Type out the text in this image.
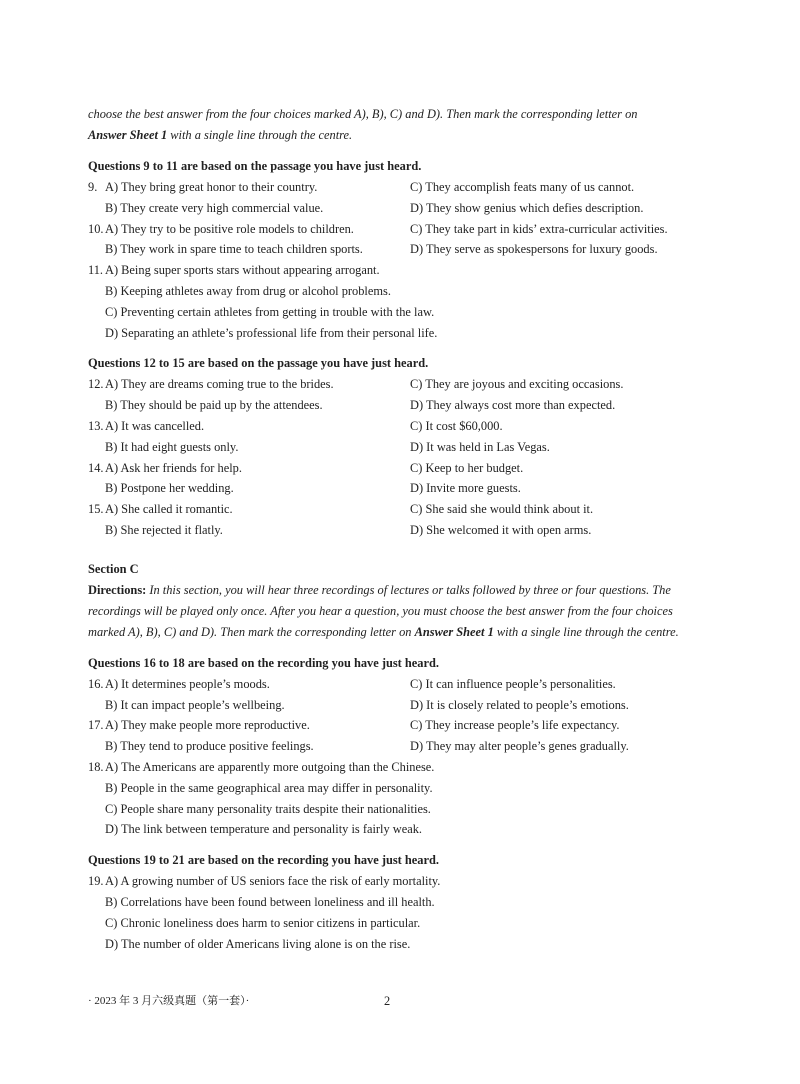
choose the best answer from the four choices marked A), B), C) and D). Then mark the corresponding letter on
Answer Sheet 1 with a single line through the centre.

Questions 9 to 11 are based on the passage you have just heard.
9. A) They bring great honor to their country.	C) They accomplish feats many of us cannot.
B) They create very high commercial value.	D) They show genius which defies description.
10. A) They try to be positive role models to children.	C) They take part in kids’ extra-curricular activities.
B) They work in spare time to teach children sports.	D) They serve as spokespersons for luxury goods.
11. A) Being super sports stars without appearing arrogant.
B) Keeping athletes away from drug or alcohol problems.
C) Preventing certain athletes from getting in trouble with the law.
D) Separating an athlete’s professional life from their personal life.
Questions 12 to 15 are based on the passage you have just heard.
12. A) They are dreams coming true to the brides.	C) They are joyous and exciting occasions.
B) They should be paid up by the attendees.	D) They always cost more than expected.
13. A) It was cancelled.	C) It cost $60,000.
B) It had eight guests only.	D) It was held in Las Vegas.
14. A) Ask her friends for help.	C) Keep to her budget.
B) Postpone her wedding.	D) Invite more guests.
15. A) She called it romantic.	C) She said she would think about it.
B) She rejected it flatly.	D) She welcomed it with open arms.
Section C
Directions: In this section, you will hear three recordings of lectures or talks followed by three or four questions. The recordings will be played only once. After you hear a question, you must choose the best answer from the four choices marked A), B), C) and D). Then mark the corresponding letter on Answer Sheet 1 with a single line through the centre.
Questions 16 to 18 are based on the recording you have just heard.
16. A) It determines people’s moods.	C) It can influence people’s personalities.
B) It can impact people’s wellbeing.	D) It is closely related to people’s emotions.
17. A) They make people more reproductive.	C) They increase people’s life expectancy.
B) They tend to produce positive feelings.	D) They may alter people’s genes gradually.
18. A) The Americans are apparently more outgoing than the Chinese.
B) People in the same geographical area may differ in personality.
C) People share many personality traits despite their nationalities.
D) The link between temperature and personality is fairly weak.
Questions 19 to 21 are based on the recording you have just heard.
19. A) A growing number of US seniors face the risk of early mortality.
B) Correlations have been found between loneliness and ill health.
C) Chronic loneliness does harm to senior citizens in particular.
D) The number of older Americans living alone is on the rise.
· 2023 年 3 月六级真题（第一套）·	2
